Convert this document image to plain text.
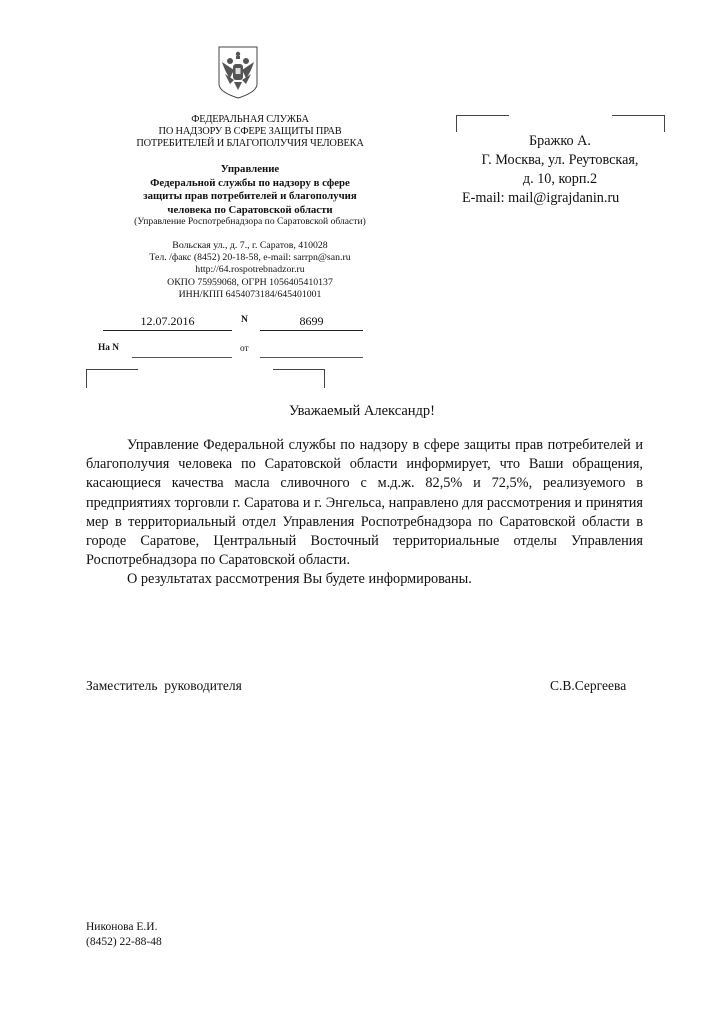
ФЕДЕРАЛЬНАЯ СЛУЖБА
ПО НАДЗОРУ В СФЕРЕ ЗАЩИТЫ ПРАВ
ПОТРЕБИТЕЛЕЙ И БЛАГОПОЛУЧИЯ ЧЕЛОВЕКА
Управление
Федеральной службы по надзору в сфере
защиты прав потребителей и благополучия
человека по Саратовской области
(Управление Роспотребнадзора по Саратовской области)
Вольская ул., д. 7., г. Саратов, 410028
Тел. /факс (8452) 20-18-58, e-mail: sarrpn@san.ru
http://64.rospotrebnadzor.ru
ОКПО 75959068, ОГРН 1056405410137
ИНН/КПП 6454073184/645401001
12.07.2016	N	8699
На N	от
Бражко А.
Г. Москва, ул. Реутовская,
д. 10, корп.2
E-mail: mail@igrajdanin.ru
Уважаемый Александр!

Управление Федеральной службы по надзору в сфере защиты прав потребителей и благополучия человека по Саратовской области информирует, что Ваши обращения, касающиеся качества масла сливочного с м.д.ж. 82,5% и 72,5%, реализуемого в предприятиях торговли г. Саратова и г. Энгельса, направлено для рассмотрения и принятия мер в территориальный отдел Управления Роспотребнадзора по Саратовской области в городе Саратове, Центральный Восточный территориальные отделы Управления Роспотребнадзора по Саратовской области.

О результатах рассмотрения Вы будете информированы.

Заместитель  руководителя	С.В.Сергеева
Никонова Е.И.
(8452) 22-88-48
